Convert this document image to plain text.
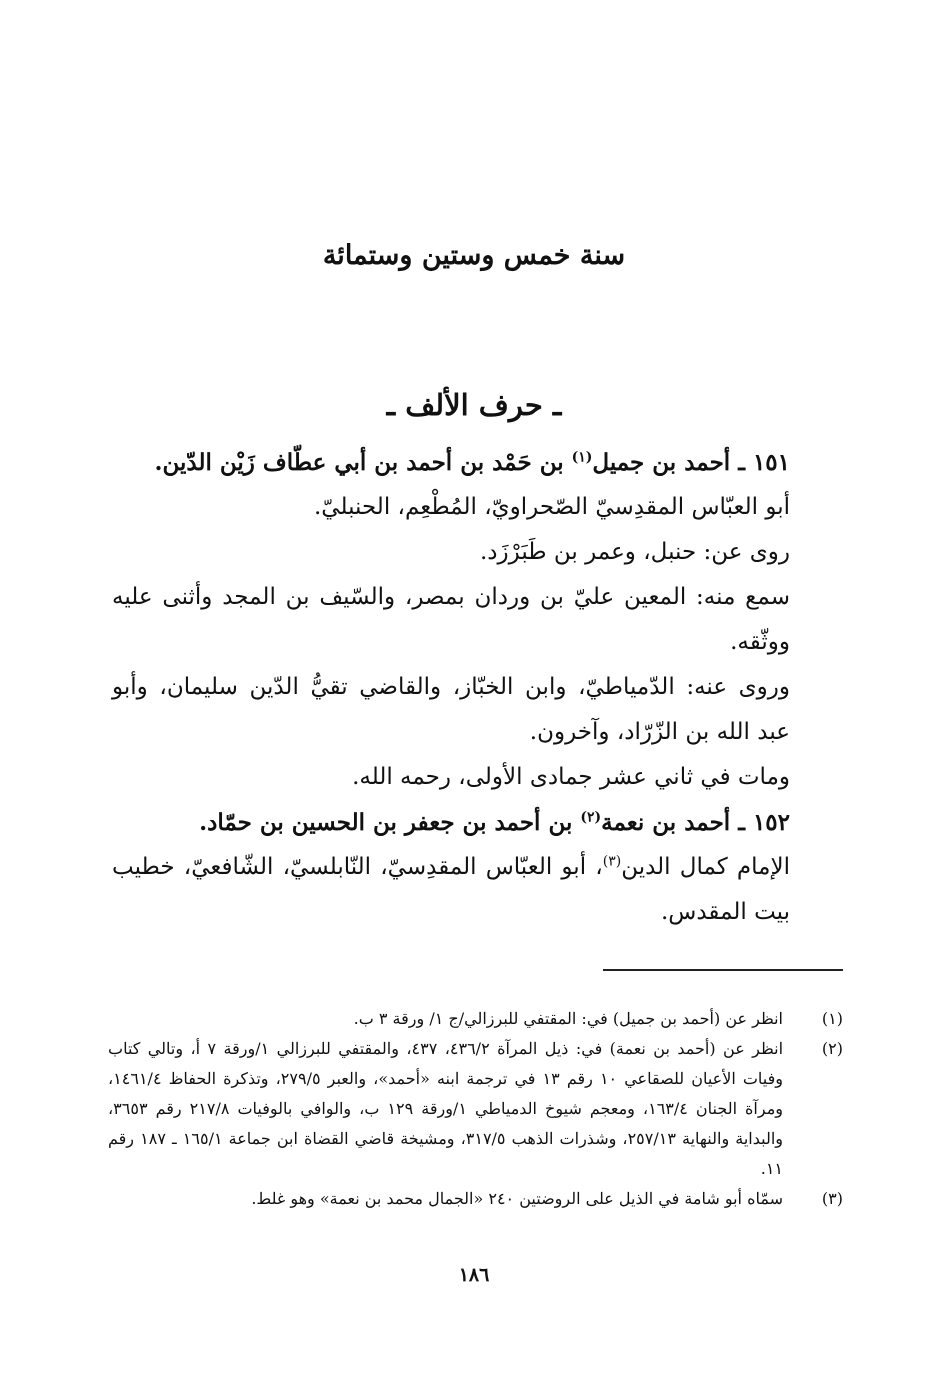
سنة خمس وستين وستمائة
ـ حرف الألف ـ

١٥١ ـ أحمد بن جميل$^{(١)}$ بن حَمْد بن أحمد بن أبي عطّاف زَيْن الدّين.

أبو العبّاس المقدِسيّ الصّحراويّ، المُطْعِم، الحنبليّ.

روى عن: حنبل، وعمر بن طَبَرْزَد.

سمع منه: المعين عليّ بن وردان بمصر، والسّيف بن المجد وأثنى عليه ووثّقه.

وروى عنه: الدّمياطيّ، وابن الخبّاز، والقاضي تقيُّ الدّين سليمان، وأبو عبد الله بن الزّرّاد، وآخرون.

ومات في ثاني عشر جمادى الأولى، رحمه الله.

١٥٢ ـ أحمد بن نعمة$^{(٢)}$ بن أحمد بن جعفر بن الحسين بن حمّاد.

الإمام كمال الدين$^{(٣)}$، أبو العبّاس المقدِسيّ، النّابلسيّ، الشّافعيّ، خطيب بيت المقدس.

(١)
انظر عن (أحمد بن جميل) في: المقتفي للبرزالي/ج ١/ ورقة ٣ ب.
(٢)
انظر عن (أحمد بن نعمة) في: ذيل المرآة ٤٣٦/٢، ٤٣٧، والمقتفي للبرزالي ١/ورقة ٧ أ، وتالي كتاب وفيات الأعيان للصقاعي ١٠ رقم ١٣ في ترجمة ابنه «أحمد»، والعبر ٢٧٩/٥، وتذكرة الحفاظ ١٤٦١/٤، ومرآة الجنان ١٦٣/٤، ومعجم شيوخ الدمياطي ١/ورقة ١٢٩ ب، والوافي بالوفيات ٢١٧/٨ رقم ٣٦٥٣، والبداية والنهاية ٢٥٧/١٣، وشذرات الذهب ٣١٧/٥، ومشيخة قاضي القضاة ابن جماعة ١٦٥/١ ـ ١٨٧ رقم ١١.
(٣)
سمّاه أبو شامة في الذيل على الروضتين ٢٤٠ «الجمال محمد بن نعمة» وهو غلط.
١٨٦
